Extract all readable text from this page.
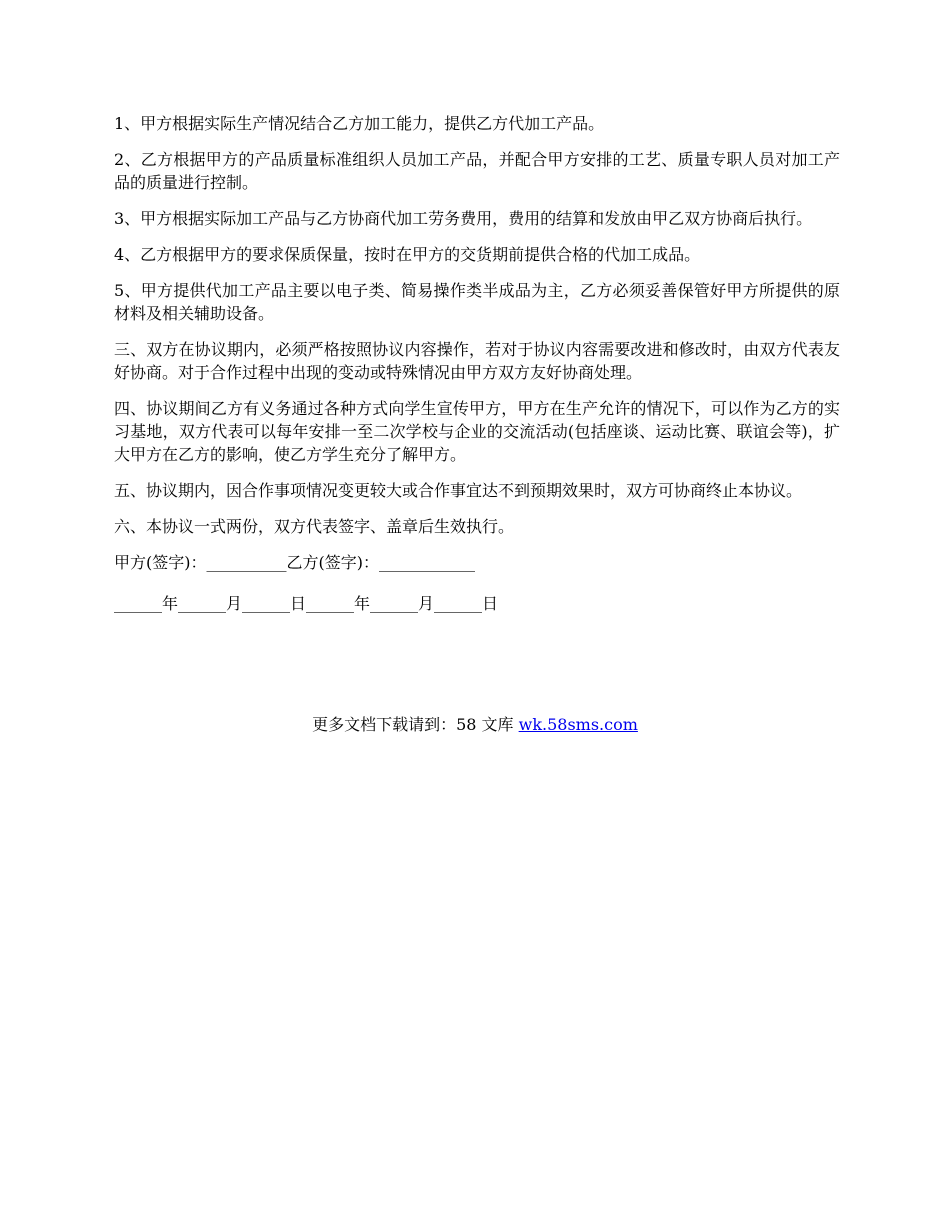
1、甲方根据实际生产情况结合乙方加工能力，提供乙方代加工产品。

2、乙方根据甲方的产品质量标准组织人员加工产品，并配合甲方安排的工艺、质量专职人员对加工产品的质量进行控制。

3、甲方根据实际加工产品与乙方协商代加工劳务费用，费用的结算和发放由甲乙双方协商后执行。

4、乙方根据甲方的要求保质保量，按时在甲方的交货期前提供合格的代加工成品。

5、甲方提供代加工产品主要以电子类、简易操作类半成品为主，乙方必须妥善保管好甲方所提供的原材料及相关辅助设备。

三、双方在协议期内，必须严格按照协议内容操作，若对于协议内容需要改进和修改时，由双方代表友好协商。对于合作过程中出现的变动或特殊情况由甲方双方友好协商处理。

四、协议期间乙方有义务通过各种方式向学生宣传甲方，甲方在生产允许的情况下，可以作为乙方的实习基地，双方代表可以每年安排一至二次学校与企业的交流活动(包括座谈、运动比赛、联谊会等)，扩大甲方在乙方的影响，使乙方学生充分了解甲方。

五、协议期内，因合作事项情况变更较大或合作事宜达不到预期效果时，双方可协商终止本协议。

六、本协议一式两份，双方代表签字、盖章后生效执行。

甲方(签字)：__________乙方(签字)：____________

______年______月______日______年______月______日

更多文档下载请到：58 文库 wk.58sms.com
